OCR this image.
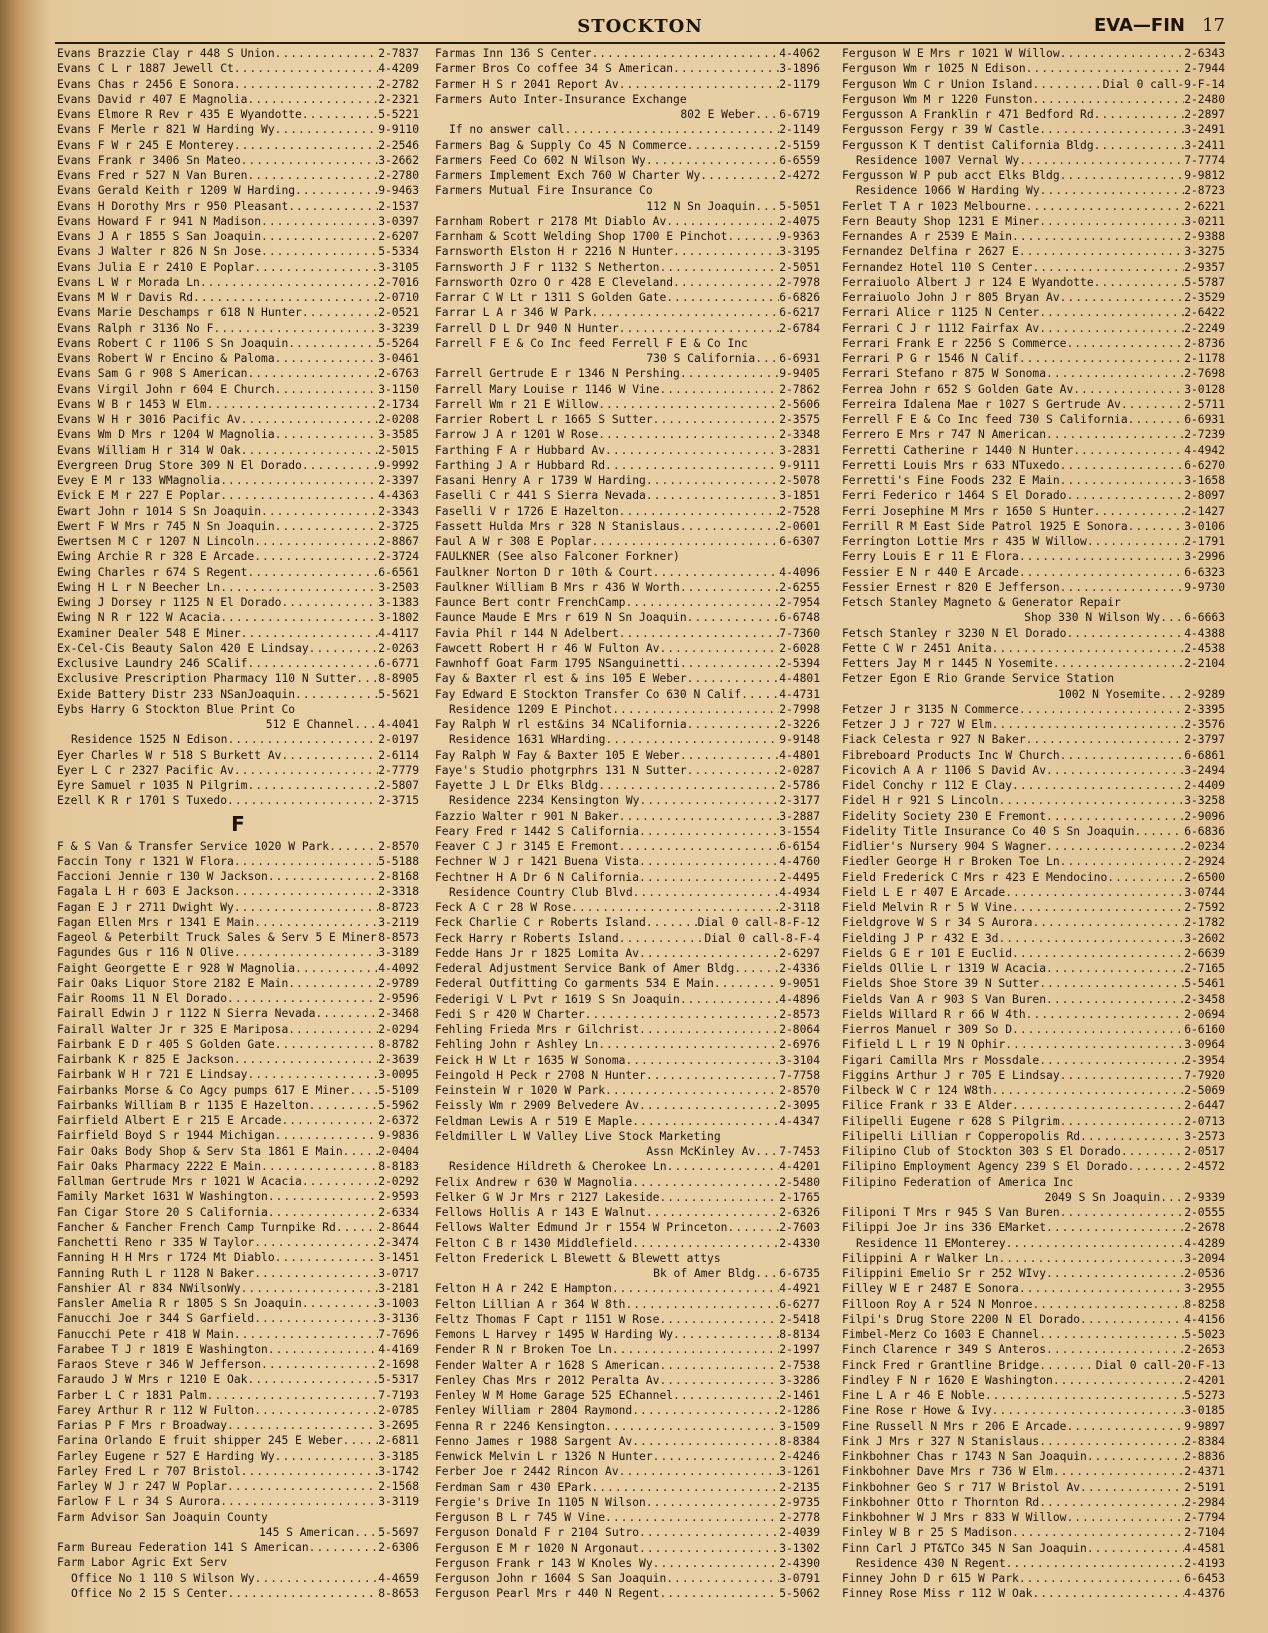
STOCKTON	EVA—FIN 17
Evans Brazzie Clay r 448 S Union .....	2-7837
Evans C L r 1887 Jewell Ct .....	4-4209
Evans Chas r 2456 E Sonora .....	2-2782
Evans David r 407 E Magnolia .....	2-2321
Evans Elmore R Rev r 435 E Wyandotte .....	5-5221
Evans F Merle r 821 W Harding Wy .....	9-9110
Evans F W r 245 E Monterey .....	2-2546
Evans Frank r 3406 Sn Mateo .....	3-2662
Evans Fred r 527 N Van Buren .....	2-2780
Evans Gerald Keith r 1209 W Harding .....	9-9463
Evans H Dorothy Mrs r 950 Pleasant .....	2-1537
Evans Howard F r 941 N Madison .....	3-0397
Evans J A r 1855 S San Joaquin .....	2-6207
Evans J Walter r 826 N Sn Jose .....	5-5334
Evans Julia E r 2410 E Poplar .....	3-3105
Evans L W r Morada Ln .....	2-7016
Evans M W r Davis Rd .....	2-0710
Evans Marie Deschamps r 618 N Hunter .....	2-0521
Evans Ralph r 3136 No F .....	3-3239
Evans Robert C r 1106 S Sn Joaquin .....	5-5264
Evans Robert W r Encino & Paloma .....	3-0461
Evans Sam G r 908 S American .....	2-6763
Evans Virgil John r 604 E Church .....	3-1150
Evans W B r 1453 W Elm .....	2-1734
Evans W H r 3016 Pacific Av .....	2-0208
Evans Wm D Mrs r 1204 W Magnolia .....	3-3585
Evans William H r 314 W Oak .....	2-5015
Evergreen Drug Store 309 N El Dorado .....	9-9992
Evey E M r 133 WMagnolia .....	2-3397
Evick E M r 227 E Poplar .....	4-4363
Ewart John r 1014 S Sn Joaquin .....	2-3343
Ewert F W Mrs r 745 N Sn Joaquin .....	2-3725
Ewertsen M C r 1207 N Lincoln .....	2-8867
Ewing Archie R r 328 E Arcade .....	2-3724
Ewing Charles r 674 S Regent .....	6-6561
Ewing H L r N Beecher Ln .....	3-2503
Ewing J Dorsey r 1125 N El Dorado .....	3-1383
Ewing N R r 122 W Acacia .....	3-1802
Examiner Dealer 548 E Miner .....	4-4117
Ex-Cel-Cis Beauty Salon 420 E Lindsay .....	2-0263
Exclusive Laundry 246 SCalif .....	6-6771
Exclusive Prescription Pharmacy 110 N Sutter ..... 8-8905
Exide Battery Distr 233 NSanJoaquin .....	5-5621
Eybs Harry G Stockton Blue Print Co
512 E Channel ..... 4-4041
Residence 1525 N Edison .....	2-0197
Eyer Charles W r 518 S Burkett Av .....	2-6114
Eyer L C r 2327 Pacific Av .....	2-7779
Eyre Samuel r 1035 N Pilgrim .....	2-5807
Ezell K R r 1701 S Tuxedo .....	2-3715
F
F & S Van & Transfer Service 1020 W Park .....	2-8570
Faccin Tony r 1321 W Flora .....	5-5188
Faccioni Jennie r 130 W Jackson .....	2-8168
Fagala L H r 603 E Jackson .....	2-3318
Fagan E J r 2711 Dwight Wy .....	8-8723
Fagan Ellen Mrs r 1341 E Main .....	3-2119
Fageol & Peterbilt Truck Sales & Serv 5 E Miner ..... 8-8573
Fagundes Gus r 116 N Olive .....	3-3189
Faight Georgette E r 928 W Magnolia .....	4-4092
Fair Oaks Liquor Store 2182 E Main .....	2-9789
Fair Rooms 11 N El Dorado .....	2-9596
Fairall Edwin J r 1122 N Sierra Nevada .....	2-3468
Fairall Walter Jr r 325 E Mariposa .....	2-0294
Fairbank E D r 405 S Golden Gate .....	8-8782
Fairbank K r 825 E Jackson .....	2-3639
Fairbank W H r 721 E Lindsay .....	3-0095
Fairbanks Morse & Co Agcy pumps 617 E Miner .....	5-5109
Fairbanks William B r 1135 E Hazelton .....	5-5962
Fairfield Albert E r 215 E Arcade .....	2-6372
Fairfield Boyd S r 1944 Michigan .....	9-9836
Fair Oaks Body Shop & Serv Sta 1861 E Main .....	2-0404
Fair Oaks Pharmacy 2222 E Main .....	8-8183
Fallman Gertrude Mrs r 1021 W Acacia .....	2-0292
Family Market 1631 W Washington .....	2-9593
Fan Cigar Store 20 S California .....	2-6334
Fancher & Fancher French Camp Turnpike Rd .....	2-8644
Fanchetti Reno r 335 W Taylor .....	2-3474
Fanning H H Mrs r 1724 Mt Diablo .....	3-1451
Fanning Ruth L r 1128 N Baker .....	3-0717
Fanshier Al r 834 NWilsonWy .....	3-2181
Fansler Amelia R r 1805 S Sn Joaquin .....	3-1003
Fanucchi Joe r 344 S Garfield .....	3-3136
Fanucchi Pete r 418 W Main .....	7-7696
Farabee T J r 1819 E Washington .....	4-4169
Faraos Steve r 346 W Jefferson .....	2-1698
Faraudo J W Mrs r 1210 E Oak .....	5-5317
Farber L C r 1831 Palm .....	7-7193
Farey Arthur R r 112 W Fulton .....	2-0785
Farias P F Mrs r Broadway .....	3-2695
Farina Orlando E fruit shipper 245 E Weber .....	2-6811
Farley Eugene r 527 E Harding Wy .....	3-3185
Farley Fred L r 707 Bristol .....	3-1742
Farley W J r 247 W Poplar .....	2-1568
Farlow F L r 34 S Aurora .....	3-3119
Farm Advisor San Joaquin County
145 S American ..... 5-5697
Farm Bureau Federation 141 S American .....	2-6306
Farm Labor Agric Ext Serv
Office No 1 110 S Wilson Wy .....	4-4659
Office No 2 15 S Center .....	8-8653
Farmas Inn 136 S Center .....	4-4062
Farmer Bros Co coffee 34 S American .....	3-1896
Farmer H S r 2041 Report Av .....	2-1179
Farmers Auto Inter-Insurance Exchange
802 E Weber ..... 6-6719
If no answer call .....	2-1149
Farmers Bag & Supply Co 45 N Commerce .....	2-5159
Farmers Feed Co 602 N Wilson Wy .....	6-6559
Farmers Implement Exch 760 W Charter Wy .....	2-4272
Farmers Mutual Fire Insurance Co
112 N Sn Joaquin ..... 5-5051
Farnham Robert r 2178 Mt Diablo Av .....	2-4075
Farnham & Scott Welding Shop 1700 E Pinchot .....	9-9363
Farnsworth Elston H r 2216 N Hunter .....	3-3195
Farnsworth J F r 1132 S Netherton .....	2-5051
Farnsworth Ozro O r 428 E Cleveland .....	2-7978
Farrar C W Lt r 1311 S Golden Gate .....	6-6826
Farrar L A r 346 W Park .....	6-6217
Farrell D L Dr 940 N Hunter .....	2-6784
Farrell F E & Co Inc feed Ferrell F E & Co Inc
730 S California ..... 6-6931
Farrell Gertrude E r 1346 N Pershing .....	9-9405
Farrell Mary Louise r 1146 W Vine .....	2-7862
Farrell Wm r 21 E Willow .....	2-5606
Farrier Robert L r 1665 S Sutter .....	2-3575
Farrow J A r 1201 W Rose .....	2-3348
Farthing F A r Hubbard Av .....	3-2831
Farthing J A r Hubbard Rd .....	9-9111
Fasani Henry A r 1739 W Harding .....	2-5078
Faselli C r 441 S Sierra Nevada .....	3-1851
Faselli V r 1726 E Hazelton .....	2-7528
Fassett Hulda Mrs r 328 N Stanislaus .....	2-0601
Faul A W r 308 E Poplar .....	6-6307
FAULKNER (See also Falconer Forkner)
Faulkner Norton D r 10th & Court .....	4-4096
Faulkner William B Mrs r 436 W Worth .....	2-6255
Faunce Bert contr FrenchCamp .....	2-7954
Faunce Maude E Mrs r 619 N Sn Joaquin .....	6-6748
Favia Phil r 144 N Adelbert .....	7-7360
Fawcett Robert H r 46 W Fulton Av .....	2-6028
Fawnhoff Goat Farm 1795 NSanguinetti .....	2-5394
Fay & Baxter rl est & ins 105 E Weber .....	4-4801
Fay Edward E Stockton Transfer Co 630 N Calif .....	4-4731
Residence 1209 E Pinchot .....	2-7998
Fay Ralph W rl est&ins 34 NCalifornia .....	2-3226
Residence 1631 WHarding .....	9-9148
Fay Ralph W Fay & Baxter 105 E Weber .....	4-4801
Faye's Studio photgrphrs 131 N Sutter .....	2-0287
Fayette J L Dr Elks Bldg .....	2-5786
Residence 2234 Kensington Wy .....	2-3177
Fazzio Walter r 901 N Baker .....	3-2887
Feary Fred r 1442 S California .....	3-1554
Feaver C J r 3145 E Fremont .....	6-6154
Fechner W J r 1421 Buena Vista .....	4-4760
Fechtner H A Dr 6 N California .....	2-4495
Residence Country Club Blvd .....	4-4934
Feck A C r 28 W Rose .....	2-3118
Feck Charlie C r Roberts Island .....	Dial 0 call-8-F-12
Feck Harry r Roberts Island .....	Dial 0 call-8-F-4
Fedde Hans Jr r 1825 Lomita Av .....	2-6297
Federal Adjustment Service Bank of Amer Bldg .....	2-4336
Federal Outfitting Co garments 534 E Main .....	9-9051
Federigi V L Pvt r 1619 S Sn Joaquin .....	4-4896
Fedi S r 420 W Charter .....	2-8573
Fehling Frieda Mrs r Gilchrist .....	2-8064
Fehling John r Ashley Ln .....	2-6976
Feick H W Lt r 1635 W Sonoma .....	3-3104
Feingold H Peck r 2708 N Hunter .....	7-7758
Feinstein W r 1020 W Park .....	2-8570
Feissly Wm r 2909 Belvedere Av .....	2-3095
Feldman Lewis A r 519 E Maple .....	4-4347
Feldmiller L W Valley Live Stock Marketing
Assn McKinley Av ..... 7-7453
Residence Hildreth & Cherokee Ln .....	4-4201
Felix Andrew r 630 W Magnolia .....	2-5480
Felker G W Jr Mrs r 2127 Lakeside .....	2-1765
Fellows Hollis A r 143 E Walnut .....	2-6326
Fellows Walter Edmund Jr r 1554 W Princeton .....	2-7603
Felton C B r 1430 Middlefield .....	2-4330
Felton Frederick L Blewett & Blewett attys
Bk of Amer Bldg ..... 6-6735
Felton H A r 242 E Hampton .....	4-4921
Felton Lillian A r 364 W 8th .....	6-6277
Feltz Thomas F Capt r 1151 W Rose .....	2-5418
Femons L Harvey r 1495 W Harding Wy .....	8-8134
Fender R N r Broken Toe Ln .....	2-1997
Fender Walter A r 1628 S American .....	2-7538
Fenley Chas Mrs r 2012 Peralta Av .....	3-3286
Fenley W M Home Garage 525 EChannel .....	2-1461
Fenley William r 2804 Raymond .....	2-1286
Fenna R r 2246 Kensington .....	3-1509
Fenno James r 1988 Sargent Av .....	8-8384
Fenwick Melvin L r 1326 N Hunter .....	2-4246
Ferber Joe r 2442 Rincon Av .....	3-1261
Ferdman Sam r 430 EPark .....	2-2135
Fergie's Drive In 1105 N Wilson .....	2-9735
Ferguson B L r 745 W Vine .....	2-2778
Ferguson Donald F r 2104 Sutro .....	2-4039
Ferguson E M r 1020 N Argonaut .....	3-1302
Ferguson Frank r 143 W Knoles Wy .....	2-4390
Ferguson John r 1604 S San Joaquin .....	3-0791
Ferguson Pearl Mrs r 440 N Regent .....	5-5062
Ferguson W E Mrs r 1021 W Willow .....	2-6343
Ferguson Wm r 1025 N Edison .....	2-7944
Ferguson Wm C r Union Island .....	Dial 0 call-9-F-14
Ferguson Wm M r 1220 Funston .....	2-2480
Fergusson A Franklin r 471 Bedford Rd .....	2-2897
Fergusson Fergy r 39 W Castle .....	3-2491
Fergusson K T dentist California Bldg .....	3-2411
Residence 1007 Vernal Wy .....	7-7774
Fergusson W P pub acct Elks Bldg .....	9-9812
Residence 1066 W Harding Wy .....	2-8723
Ferlet T A r 1023 Melbourne .....	2-6221
Fern Beauty Shop 1231 E Miner .....	3-0211
Fernandes A r 2539 E Main .....	2-9388
Fernandez Delfina r 2627 E .....	3-3275
Fernandez Hotel 110 S Center .....	2-9357
Ferraiuolo Albert J r 124 E Wyandotte .....	5-5787
Ferraiuolo John J r 805 Bryan Av .....	2-3529
Ferrari Alice r 1125 N Center .....	2-6422
Ferrari C J r 1112 Fairfax Av .....	2-2249
Ferrari Frank E r 2256 S Commerce .....	2-8736
Ferrari P G r 1546 N Calif .....	2-1178
Ferrari Stefano r 875 W Sonoma .....	2-7698
Ferrea John r 652 S Golden Gate Av .....	3-0128
Ferreira Idalena Mae r 1027 S Gertrude Av .....	2-5711
Ferrell F E & Co Inc feed 730 S California .....	6-6931
Ferrero E Mrs r 747 N American .....	2-7239
Ferretti Catherine r 1440 N Hunter .....	4-4942
Ferretti Louis Mrs r 633 NTuxedo .....	6-6270
Ferretti's Fine Foods 232 E Main .....	3-1658
Ferri Federico r 1464 S El Dorado .....	2-8097
Ferri Josephine M Mrs r 1650 S Hunter .....	2-1427
Ferrill R M East Side Patrol 1925 E Sonora .....	3-0106
Ferrington Lottie Mrs r 435 W Willow .....	2-1791
Ferry Louis E r 11 E Flora .....	3-2996
Fessier E N r 440 E Arcade .....	6-6323
Fessier Ernest r 820 E Jefferson .....	9-9730
Fetsch Stanley Magneto & Generator Repair
Shop 330 N Wilson Wy ..... 6-6663
Fetsch Stanley r 3230 N El Dorado .....	4-4388
Fette C W r 2451 Anita .....	2-4538
Fetters Jay M r 1445 N Yosemite .....	2-2104
Fetzer Egon E Rio Grande Service Station
1002 N Yosemite ..... 2-9289
Fetzer J r 3135 N Commerce .....	2-3395
Fetzer J J r 727 W Elm .....	2-3576
Fiack Celesta r 927 N Baker .....	2-3797
Fibreboard Products Inc W Church .....	6-6861
Ficovich A A r 1106 S David Av .....	3-2494
Fidel Conchy r 112 E Clay .....	2-4409
Fidel H r 921 S Lincoln .....	3-3258
Fidelity Society 230 E Fremont .....	2-9096
Fidelity Title Insurance Co 40 S Sn Joaquin .....	6-6836
Fidlier's Nursery 904 S Wagner .....	2-0234
Fiedler George H r Broken Toe Ln .....	2-2924
Field Frederick C Mrs r 423 E Mendocino .....	2-6500
Field L E r 407 E Arcade .....	3-0744
Field Melvin R r 5 W Vine .....	2-7592
Fieldgrove W S r 34 S Aurora .....	2-1782
Fielding J P r 432 E 3d .....	3-2602
Fields G E r 101 E Euclid .....	2-6639
Fields Ollie L r 1319 W Acacia .....	2-7165
Fields Shoe Store 39 N Sutter .....	5-5461
Fields Van A r 903 S Van Buren .....	2-3458
Fields Willard R r 66 W 4th .....	2-0694
Fierros Manuel r 309 So D .....	6-6160
Fifield L L r 19 N Ophir .....	3-0964
Figari Camilla Mrs r Mossdale .....	2-3954
Figgins Arthur J r 705 E Lindsay .....	7-7920
Filbeck W C r 124 W8th .....	2-5069
Filice Frank r 33 E Alder .....	2-6447
Filipelli Eugene r 628 S Pilgrim .....	2-0713
Filipelli Lillian r Copperopolis Rd .....	3-2573
Filipino Club of Stockton 303 S El Dorado .....	2-0517
Filipino Employment Agency 239 S El Dorado .....	2-4572
Filipino Federation of America Inc
2049 S Sn Joaquin ..... 2-9339
Filiponi T Mrs r 945 S Van Buren .....	2-0555
Filippi Joe Jr ins 336 EMarket .....	2-2678
Residence 11 EMonterey .....	4-4289
Filippini A r Walker Ln .....	3-2094
Filippini Emelio Sr r 252 WIvy .....	2-0536
Filley W E r 2487 E Sonora .....	3-2955
Filloon Roy A r 524 N Monroe .....	8-8258
Filpi's Drug Store 2200 N El Dorado .....	4-4156
Fimbel-Merz Co 1603 E Channel .....	5-5023
Finch Clarence r 349 S Anteros .....	2-2653
Finck Fred r Grantline Bridge .....	Dial 0 call-20-F-13
Findley F N r 1620 E Washington .....	2-4201
Fine L A r 46 E Noble .....	5-5273
Fine Rose r Howe & Ivy .....	3-0185
Fine Russell N Mrs r 206 E Arcade .....	9-9897
Fink J Mrs r 327 N Stanislaus .....	2-8384
Finkbohner Chas r 1743 N San Joaquin .....	2-8836
Finkbohner Dave Mrs r 736 W Elm .....	2-4371
Finkbohner Geo S r 717 W Bristol Av .....	2-5191
Finkbohner Otto r Thornton Rd .....	2-2984
Finkbohner W J Mrs r 833 W Willow .....	2-7794
Finley W B r 25 S Madison .....	2-7104
Finn Carl J PT&TCo 345 N San Joaquin .....	4-4581
Residence 430 N Regent .....	2-4193
Finney John D r 615 W Park .....	6-6453
Finney Rose Miss r 112 W Oak .....	4-4376
